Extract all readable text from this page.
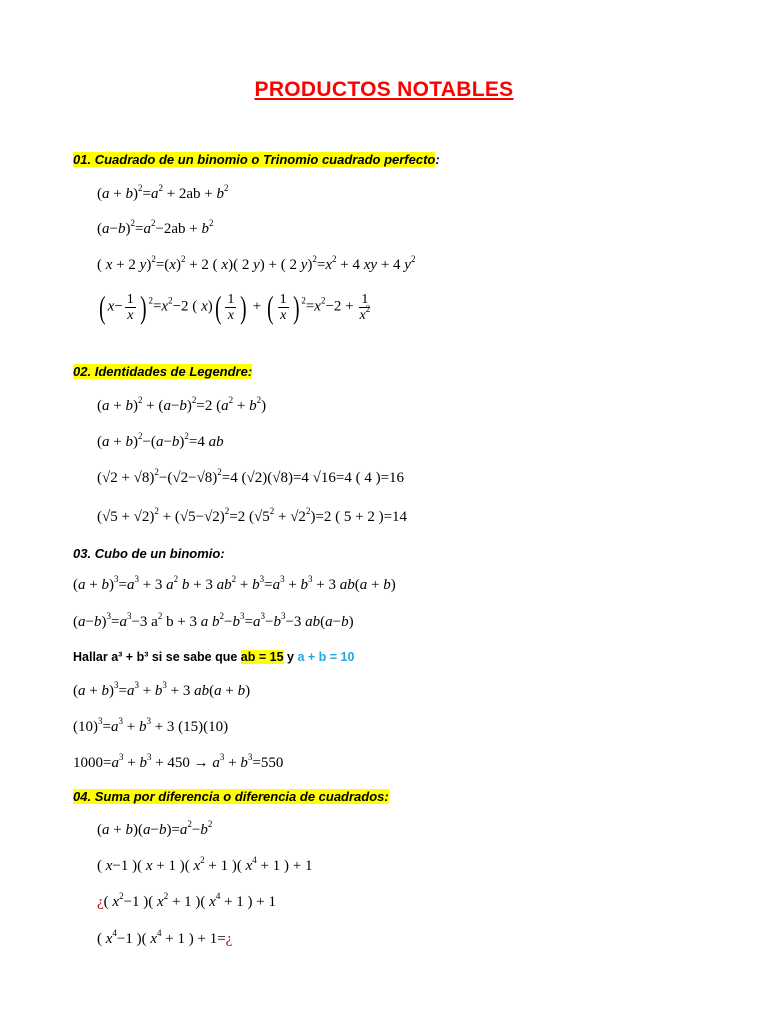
PRODUCTOS NOTABLES
01. Cuadrado de un binomio o Trinomio cuadrado perfecto:
$(a + b)^2=a^2 + 2ab + b^2$
$(a-b)^2=a^2-2ab + b^2$
( x + 2 $y)^2=(x)^2 + 2$ ( x)( 2 y) + ( 2 $y)^2=x^2 + 4$ xy + 4 $y^2$
( $x- \frac{1}{x}$ ) $^2=x^2-2$ ( $x)( \frac{1}{x}$ ) + ( $\frac{1}{x}$ ) $^2=x^2-2 + \frac{1}{x^2}$
02. Identidades de Legendre:
$(a + b)^2 + (a-b)^2=2$ $(a^2 + b^2)$
$(a + b)^2-(a-b)^2=4$ ab
$(√2 + √8)^2-(√2-√8)^2=4$ (√2)(√8)=4 √16=4 ( 4 )=16
$(√5 + √2)^2 + (√5-√2)^2=2$ $(√5^2 + √2^2)=2$ ( 5 + 2 )=14
03. Cubo de un binomio:
$(a + b)^3=a^3 + 3$ $a^2$ b + 3 $ab^2 + b^3=a^3 + b^3 + 3$ ab(a + b)
$(a-b)^3=a^3-3$ $a^2$ b + 3 a $b^2-b^3=a^3-b^3-3$ ab(a−b)
Hallar a³ + b³ si se sabe que ab = 15 y a + b = 10
$(a + b)^3=a^3 + b^3 + 3$ ab(a + b)
$(10)^3=a^3 + b^3 + 3$ (15)(10)
$1000=a^3 + b^3 + 450 \to a^3 + b^3=550$
04. Suma por diferencia o diferencia de cuadrados:
$(a + b)(a-b)=a^2-b^2$
( x−1 )( x + 1 )( $x^2 + 1$ )( $x^4 + 1$ ) + 1
¿( $x^2-1$ )( $x^2 + 1$ )( $x^4 + 1$ ) + 1
( $x^4-1$ )( $x^4 + 1$ ) + 1=¿
